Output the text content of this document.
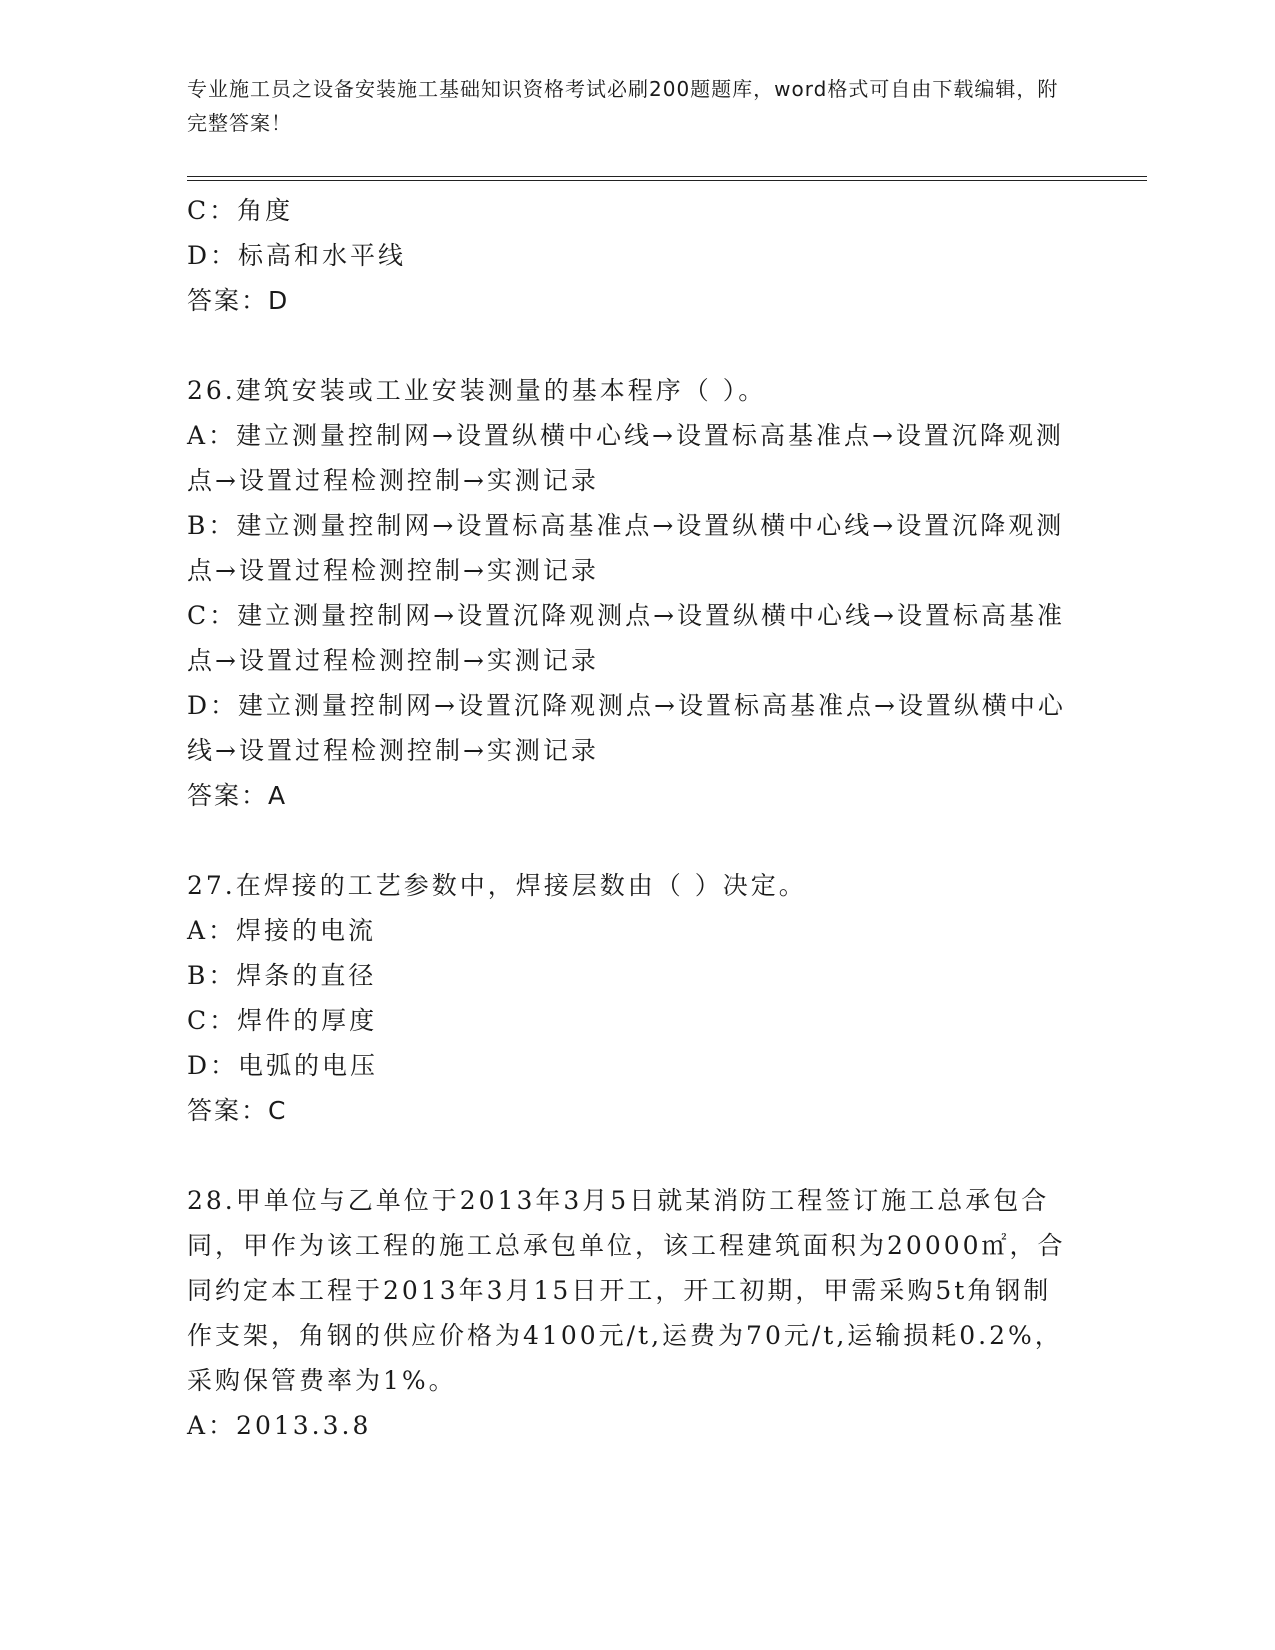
专业施工员之设备安装施工基础知识资格考试必刷200题题库，word格式可自由下载编辑，附完整答案！

C：角度

D：标高和水平线

答案：D

26.建筑安装或工业安装测量的基本程序（ ）。

A：建立测量控制网→设置纵横中心线→设置标高基准点→设置沉降观测点→设置过程检测控制→实测记录

B：建立测量控制网→设置标高基准点→设置纵横中心线→设置沉降观测点→设置过程检测控制→实测记录

C：建立测量控制网→设置沉降观测点→设置纵横中心线→设置标高基准点→设置过程检测控制→实测记录

D：建立测量控制网→设置沉降观测点→设置标高基准点→设置纵横中心线→设置过程检测控制→实测记录

答案：A

27.在焊接的工艺参数中，焊接层数由（ ）决定。

A：焊接的电流

B：焊条的直径

C：焊件的厚度

D：电弧的电压

答案：C

28.甲单位与乙单位于2013年3月5日就某消防工程签订施工总承包合同，甲作为该工程的施工总承包单位，该工程建筑面积为20000㎡，合同约定本工程于2013年3月15日开工，开工初期，甲需采购5t角钢制作支架，角钢的供应价格为4100元/t,运费为70元/t,运输损耗0.2%，采购保管费率为1%。

A：2013.3.8
